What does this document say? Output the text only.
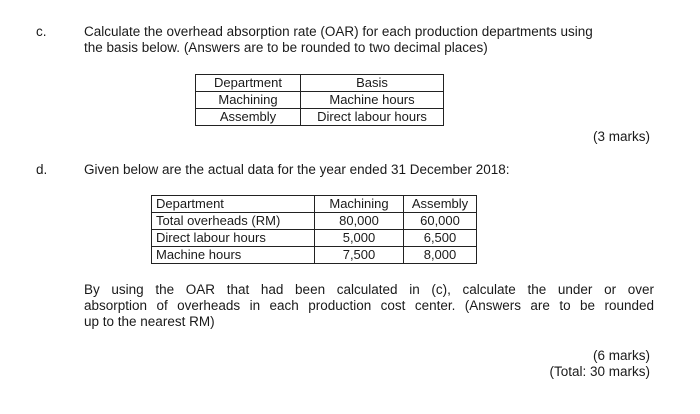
c.	Calculate the overhead absorption rate (OAR) for each production departments using
the basis below. (Answers are to be rounded to two decimal places)
Department	Basis
Machining	Machine hours
Assembly	Direct labour hours
(3 marks)
d.	Given below are the actual data for the year ended 31 December 2018:
Department	Machining	Assembly
Total overheads (RM)	80,000	60,000
Direct labour hours	5,000	6,500
Machine hours	7,500	8,000
By using the OAR that had been calculated in (c), calculate the under or over
absorption of overheads in each production cost center. (Answers are to be rounded
up to the nearest RM)
(6 marks)
(Total: 30 marks)
